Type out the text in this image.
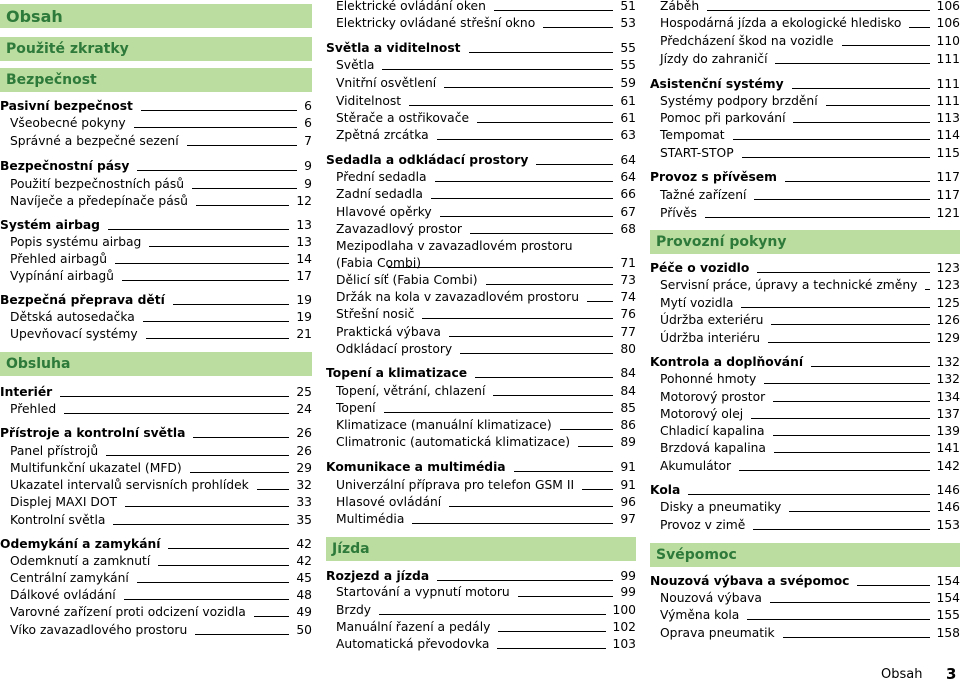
Obsah
Použité zkratky
Bezpečnost
Pasivní bezpečnost	6
Všeobecné pokyny	6
Správné a bezpečné sezení	7
Bezpečnostní pásy	9
Použití bezpečnostních pásů	9
Navíječe a předepínače pásů	12
Systém airbag	13
Popis systému airbag	13
Přehled airbagů	14
Vypínání airbagů	17
Bezpečná přeprava dětí	19
Dětská autosedačka	19
Upevňovací systémy	21
Obsluha
Interiér	25
Přehled	24
Přístroje a kontrolní světla	26
Panel přístrojů	26
Multifunkční ukazatel (MFD)	29
Ukazatel intervalů servisních prohlídek	32
Displej MAXI DOT	33
Kontrolní světla	35
Odemykání a zamykání	42
Odemknutí a zamknutí	42
Centrální zamykání	45
Dálkové ovládání	48
Varovné zařízení proti odcizení vozidla	49
Víko zavazadlového prostoru	50
Elektrické ovládání oken	51
Elektricky ovládané střešní okno	53
Světla a viditelnost	55
Světla	55
Vnitřní osvětlení	59
Viditelnost	61
Stěrače a ostřikovače	61
Zpětná zrcátka	63
Sedadla a odkládací prostory	64
Přední sedadla	64
Zadní sedadla	66
Hlavové opěrky	67
Zavazadlový prostor	68
Mezipodlaha v zavazadlovém prostoru (Fabia Combi)	71
Dělicí síť (Fabia Combi)	73
Držák na kola v zavazadlovém prostoru	74
Střešní nosič	76
Praktická výbava	77
Odkládací prostory	80
Topení a klimatizace	84
Topení, větrání, chlazení	84
Topení	85
Klimatizace (manuální klimatizace)	86
Climatronic (automatická klimatizace)	89
Komunikace a multimédia	91
Univerzální příprava pro telefon GSM II	91
Hlasové ovládání	96
Multimédia	97
Jízda
Rozjezd a jízda	99
Startování a vypnutí motoru	99
Brzdy	100
Manuální řazení a pedály	102
Automatická převodovka	103
Záběh	106
Hospodárná jízda a ekologické hledisko	106
Předcházení škod na vozidle	110
Jízdy do zahraničí	111
Asistenční systémy	111
Systémy podpory brzdění	111
Pomoc při parkování	113
Tempomat	114
START-STOP	115
Provoz s přívěsem	117
Tažné zařízení	117
Přívěs	121
Provozní pokyny
Péče o vozidlo	123
Servisní práce, úpravy a technické změny 123
Mytí vozidla	125
Údržba exteriéru	126
Údržba interiéru	129
Kontrola a doplňování	132
Pohonné hmoty	132
Motorový prostor	134
Motorový olej	137
Chladicí kapalina	139
Brzdová kapalina	141
Akumulátor	142
Kola	146
Disky a pneumatiky	146
Provoz v zimě	153
Svépomoc
Nouzová výbava a svépomoc	154
Nouzová výbava	154
Výměna kola	155
Oprava pneumatik	158
Obsah 3
